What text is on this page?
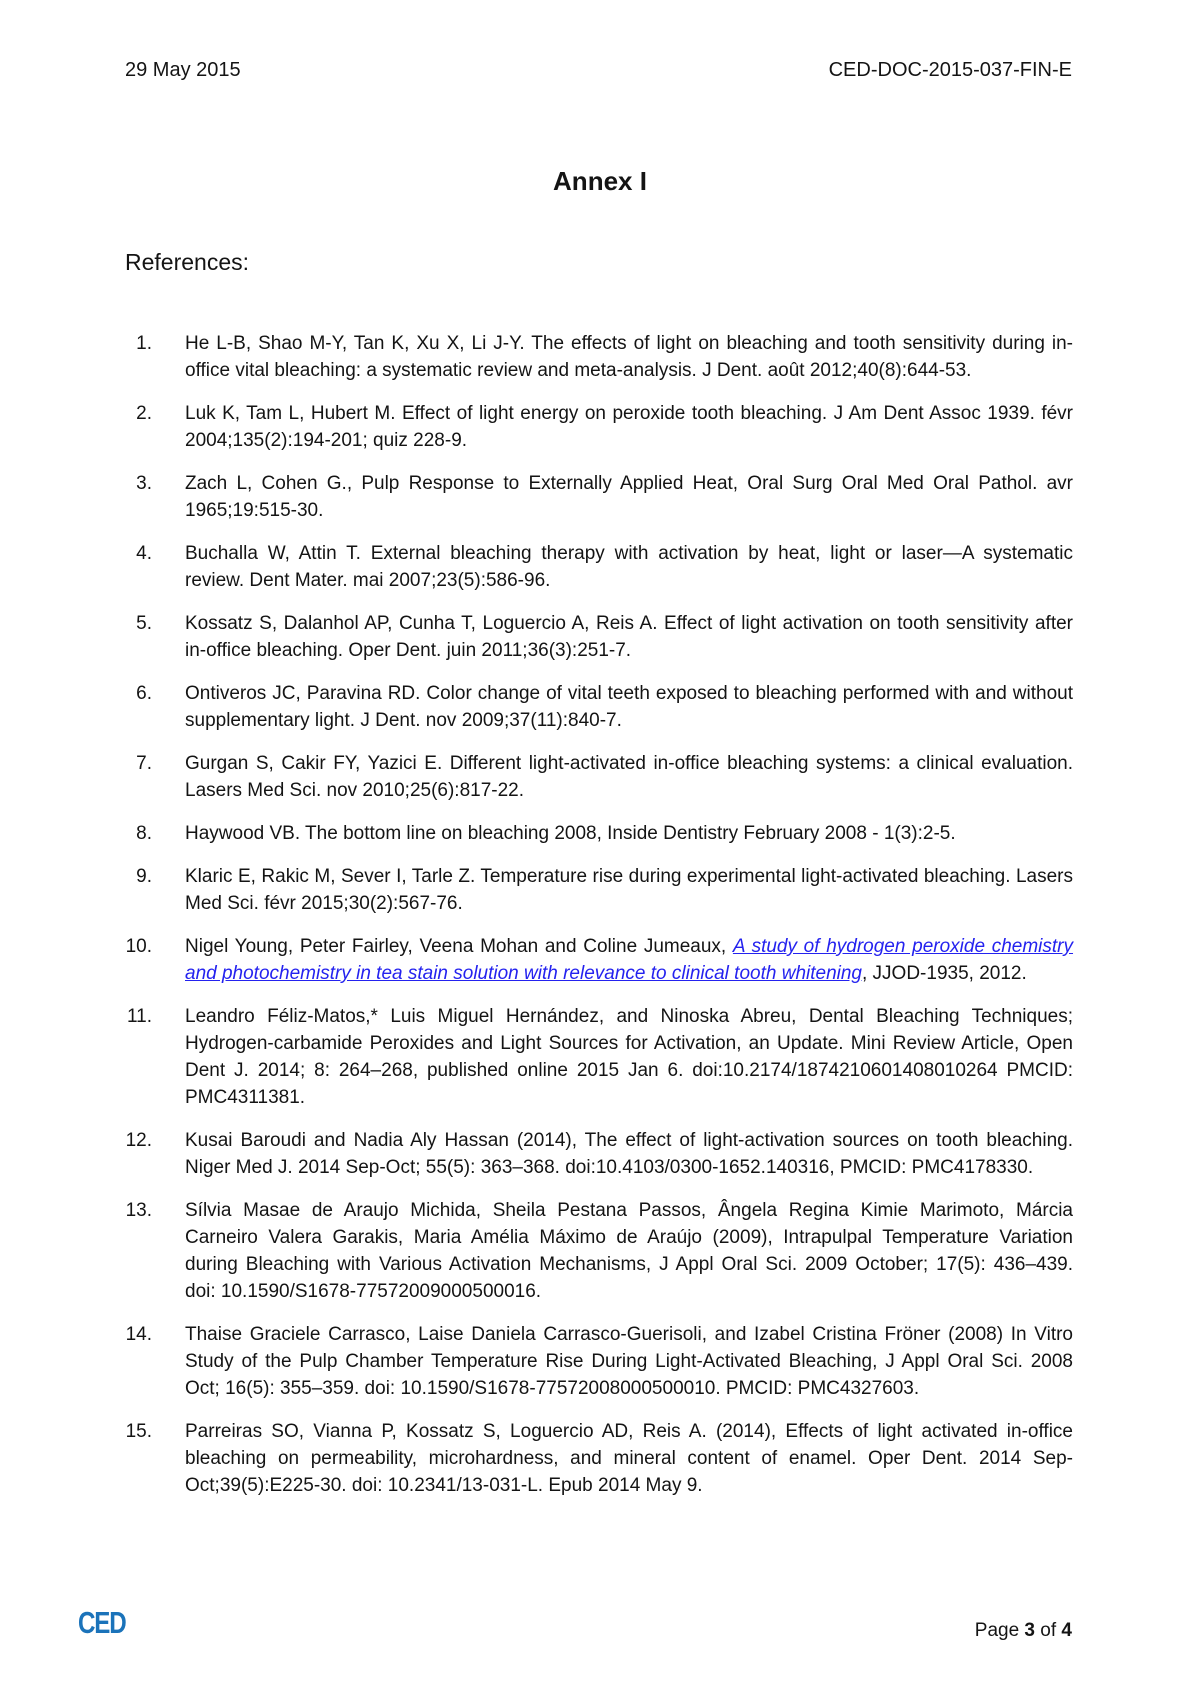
29 May 2015	CED-DOC-2015-037-FIN-E
Annex I
References:
1. He L-B, Shao M-Y, Tan K, Xu X, Li J-Y. The effects of light on bleaching and tooth sensitivity during in-office vital bleaching: a systematic review and meta-analysis. J Dent. août 2012;40(8):644‑53.
2. Luk K, Tam L, Hubert M. Effect of light energy on peroxide tooth bleaching. J Am Dent Assoc 1939. févr 2004;135(2):194‑201; quiz 228‑9.
3. Zach L, Cohen G., Pulp Response to Externally Applied Heat, Oral Surg Oral Med Oral Pathol. avr 1965;19:515‑30.
4. Buchalla W, Attin T. External bleaching therapy with activation by heat, light or laser—A systematic review. Dent Mater. mai 2007;23(5):586‑96.
5. Kossatz S, Dalanhol AP, Cunha T, Loguercio A, Reis A. Effect of light activation on tooth sensitivity after in-office bleaching. Oper Dent. juin 2011;36(3):251‑7.
6. Ontiveros JC, Paravina RD. Color change of vital teeth exposed to bleaching performed with and without supplementary light. J Dent. nov 2009;37(11):840‑7.
7. Gurgan S, Cakir FY, Yazici E. Different light-activated in-office bleaching systems: a clinical evaluation. Lasers Med Sci. nov 2010;25(6):817‑22.
8. Haywood VB. The bottom line on bleaching 2008, Inside Dentistry February 2008 - 1(3):2‑5.
9. Klaric E, Rakic M, Sever I, Tarle Z. Temperature rise during experimental light-activated bleaching. Lasers Med Sci. févr 2015;30(2):567‑76.
10. Nigel Young, Peter Fairley, Veena Mohan and Coline Jumeaux, A study of hydrogen peroxide chemistry and photochemistry in tea stain solution with relevance to clinical tooth whitening, JJOD-1935, 2012.
11. Leandro Féliz-Matos,* Luis Miguel Hernández, and Ninoska Abreu, Dental Bleaching Techniques; Hydrogen-carbamide Peroxides and Light Sources for Activation, an Update. Mini Review Article, Open Dent J. 2014; 8: 264–268, published online 2015 Jan 6. doi:10.2174/1874210601408010264 PMCID: PMC4311381.
12. Kusai Baroudi and Nadia Aly Hassan (2014), The effect of light-activation sources on tooth bleaching. Niger Med J. 2014 Sep-Oct; 55(5): 363–368. doi:10.4103/0300-1652.140316, PMCID: PMC4178330.
13. Sílvia Masae de Araujo Michida, Sheila Pestana Passos, Ângela Regina Kimie Marimoto, Márcia Carneiro Valera Garakis, Maria Amélia Máximo de Araújo (2009), Intrapulpal Temperature Variation during Bleaching with Various Activation Mechanisms, J Appl Oral Sci. 2009 October; 17(5): 436–439. doi: 10.1590/S1678-77572009000500016.
14. Thaise Graciele Carrasco, Laise Daniela Carrasco-Guerisoli, and Izabel Cristina Fröner (2008) In Vitro Study of the Pulp Chamber Temperature Rise During Light-Activated Bleaching, J Appl Oral Sci. 2008 Oct; 16(5): 355–359. doi: 10.1590/S1678-77572008000500010. PMCID: PMC4327603.
15. Parreiras SO, Vianna P, Kossatz S, Loguercio AD, Reis A. (2014), Effects of light activated in-office bleaching on permeability, microhardness, and mineral content of enamel. Oper Dent. 2014 Sep-Oct;39(5):E225-30. doi: 10.2341/13-031-L. Epub 2014 May 9.
CED	Page 3 of 4
